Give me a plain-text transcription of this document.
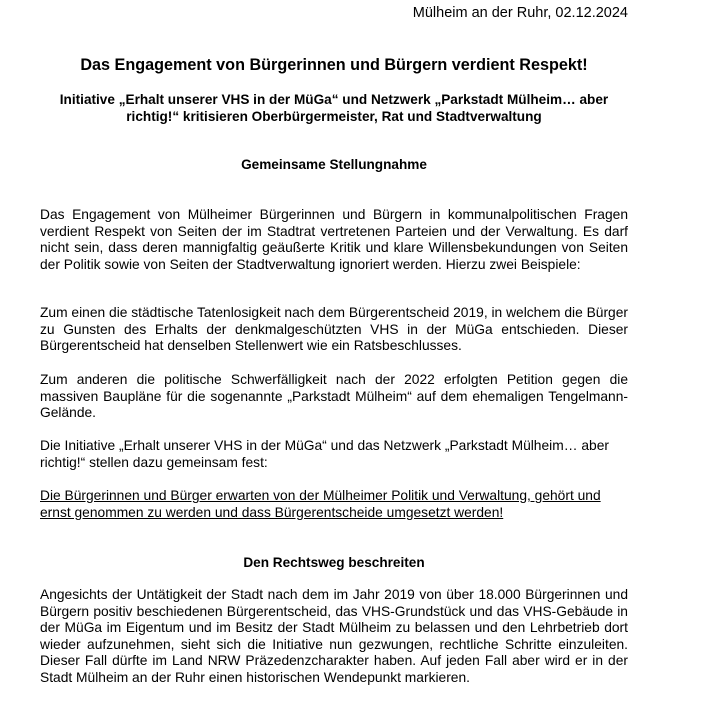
Mülheim an der Ruhr, 02.12.2024
Das Engagement von Bürgerinnen und Bürgern verdient Respekt!
Initiative „Erhalt unserer VHS in der MüGa“ und Netzwerk „Parkstadt Mülheim… aber richtig!“ kritisieren Oberbürgermeister, Rat und Stadtverwaltung
Gemeinsame Stellungnahme
Das Engagement von Mülheimer Bürgerinnen und Bürgern in kommunalpolitischen Fragen verdient Respekt von Seiten der im Stadtrat vertretenen Parteien und der Verwaltung. Es darf nicht sein, dass deren mannigfaltig geäußerte Kritik und klare Willensbekundungen von Seiten der Politik sowie von Seiten der Stadtverwaltung ignoriert werden. Hierzu zwei Beispiele:
Zum einen die städtische Tatenlosigkeit nach dem Bürgerentscheid 2019, in welchem die Bürger zu Gunsten des Erhalts der denkmalgeschützten VHS in der MüGa entschieden. Dieser Bürgerentscheid hat denselben Stellenwert wie ein Ratsbeschlusses.
Zum anderen die politische Schwerfälligkeit nach der 2022 erfolgten Petition gegen die massiven Baupläne für die sogenannte „Parkstadt Mülheim“ auf dem ehemaligen Tengelmann-Gelände.
Die Initiative „Erhalt unserer VHS in der MüGa“ und das Netzwerk „Parkstadt Mülheim… aber richtig!“ stellen dazu gemeinsam fest:
Die Bürgerinnen und Bürger erwarten von der Mülheimer Politik und Verwaltung, gehört und ernst genommen zu werden und dass Bürgerentscheide umgesetzt werden!
Den Rechtsweg beschreiten
Angesichts der Untätigkeit der Stadt nach dem im Jahr 2019 von über 18.000 Bürgerinnen und Bürgern positiv beschiedenen Bürgerentscheid, das VHS-Grundstück und das VHS-Gebäude in der MüGa im Eigentum und im Besitz der Stadt Mülheim zu belassen und den Lehrbetrieb dort wieder aufzunehmen, sieht sich die Initiative nun gezwungen, rechtliche Schritte einzuleiten. Dieser Fall dürfte im Land NRW Präzedenzcharakter haben. Auf jeden Fall aber wird er in der Stadt Mülheim an der Ruhr einen historischen Wendepunkt markieren.
